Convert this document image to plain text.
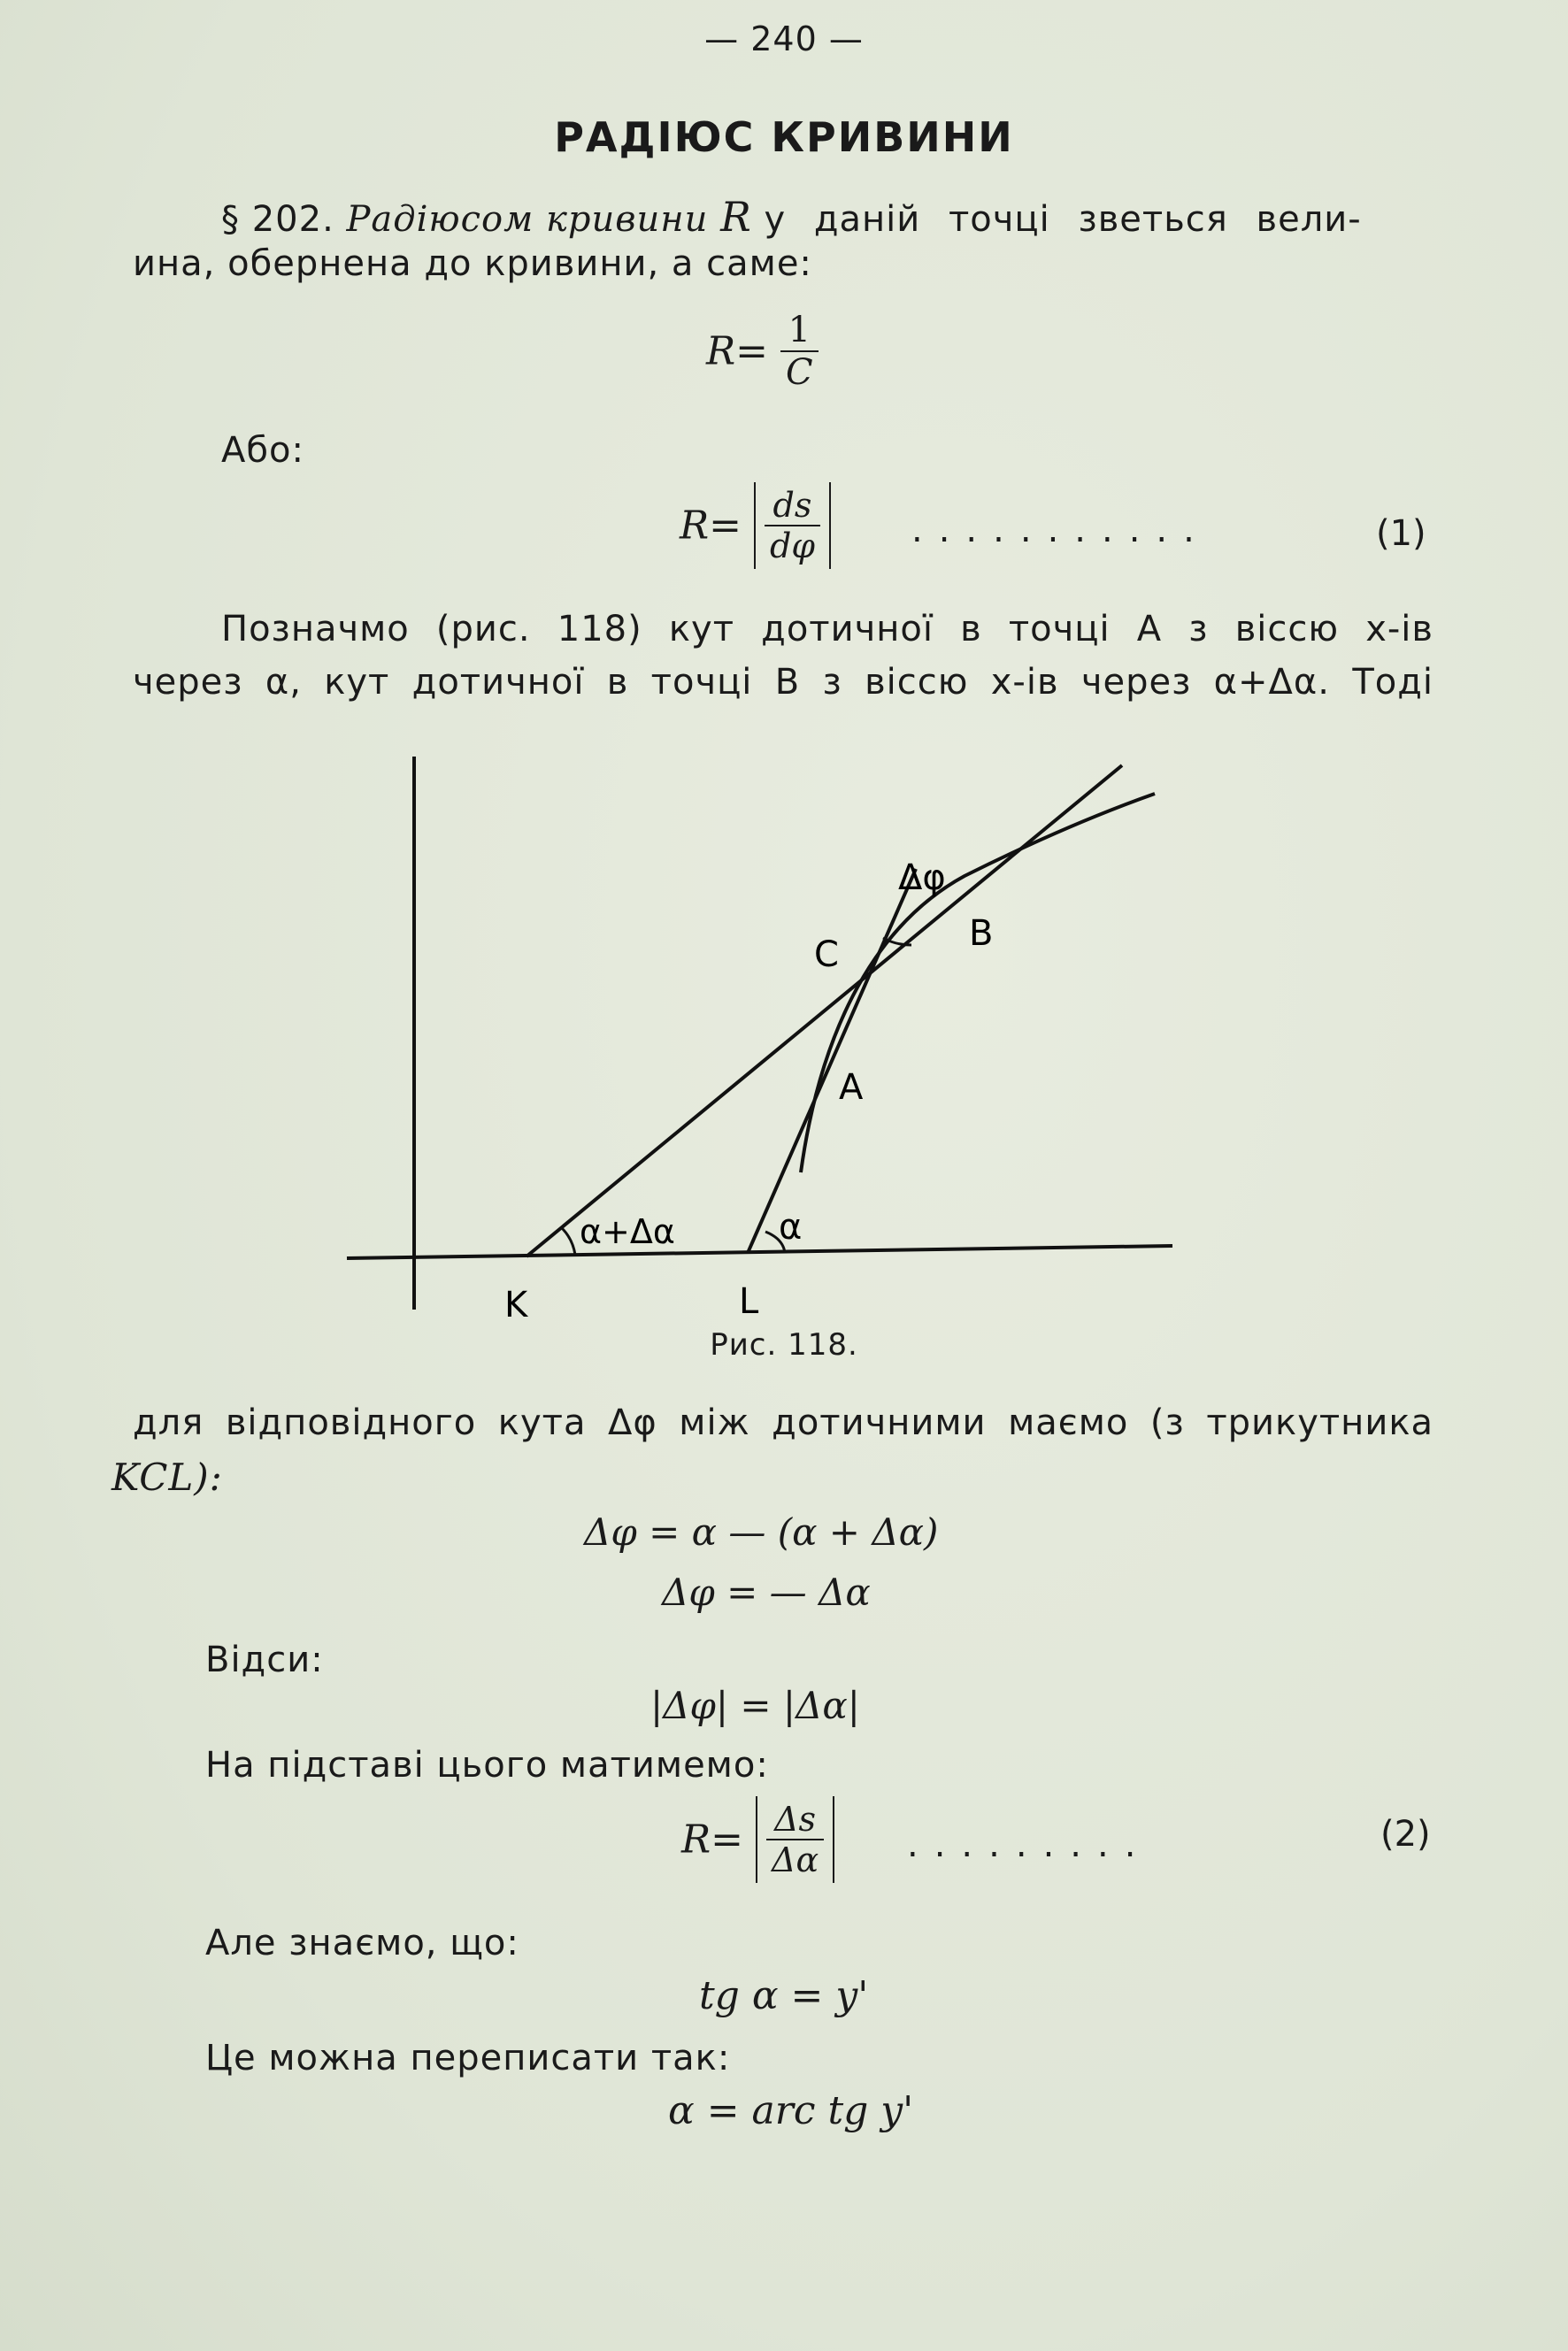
— 240 —
РАДІЮС КРИВИНИ
§ 202. Радіюсом кривини R у даній точці зветься вели-
ина, обернена до кривини, а саме:
$R= \frac{1}{C}$
Або:
$R= \frac{ds}{d\varphi}$	...........	(1)
Позначмо (рис. 118) кут дотичної в точці A з віссю x-ів
через α, кут дотичної в точці B з віссю x-ів через α+Δα. Тоді
Δφ
C
B
A
K	L
α+Δα	α
Рис. 118.
для відповідного кута Δφ між дотичними маємо (з трикутника
KCL):
Δφ = α — (α + Δα)
Δφ = — Δα
Відси:
|Δφ| = |Δα|
На підставі цього матимемо:
$R= \frac{\Delta s}{\Delta\alpha}$ .........	(2)
Але знаємо, що:
tg α = y'
Це можна переписати так:
α = arc tg y'
